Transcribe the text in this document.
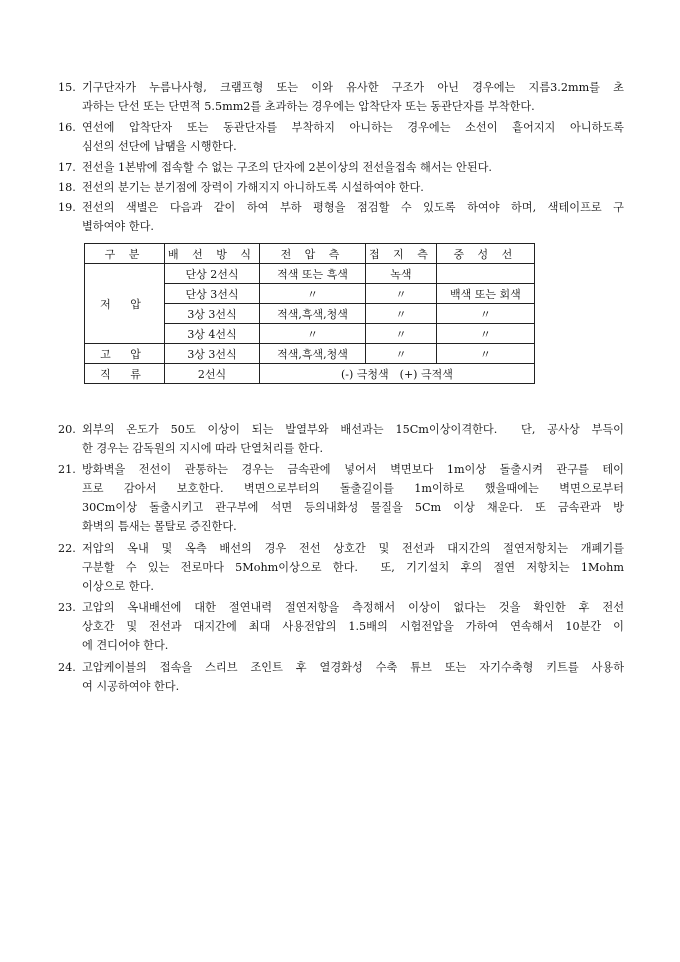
15. 기구단자가 누름나사형, 크램프형 또는 이와 유사한 구조가 아닌 경우에는 지름3.2mm를 초
과하는 단선 또는 단면적 5.5mm2를 초과하는 경우에는 압착단자 또는 동관단자를 부착한다.
16. 연선에 압착단자 또는 동관단자를 부착하지 아니하는 경우에는 소선이 흩어지지 아니하도록
심선의 선단에 납땜을 시행한다.
17. 전선을 1본밖에 접속할 수 없는 구조의 단자에 2본이상의 전선을접속 해서는 안된다.
18. 전선의 분기는 분기점에 장력이 가해지지 아니하도록 시설하여야 한다.
19. 전선의 색별은 다음과 같이 하여 부하 평형을 점검할 수 있도록 하여야 하며, 색테이프로 구
별하여야 한다.
구 분	배 선 방 식	전 압 측	접 지 측	중 성 선
저 압	단상 2선식	적색 또는 흑색	녹색	
	단상 3선식	〃	〃	백색 또는 회색
	3상 3선식	적색,흑색,청색	〃	〃
	3상 4선식	〃	〃	〃
고 압	3상 3선식	적색,흑색,청색	〃	〃
직 류	2선식	(-) 극청색　(+) 극적색		
20. 외부의 온도가 50도 이상이 되는 발열부와 배선과는 15Cm이상이격한다.  단, 공사상 부득이
한 경우는 감독원의 지시에 따라 단열처리를 한다.
21. 방화벽을 전선이 관통하는 경우는 금속관에 넣어서 벽면보다 1m이상 돌출시켜 관구를 테이
프로 감아서 보호한다. 벽면으로부터의 돌출길이를 1m이하로 했을때에는 벽면으로부터
30Cm이상 돌출시키고 관구부에 석면 등의내화성 물질을 5Cm 이상 채운다. 또 금속관과 방
화벽의 틈새는 몰탈로 증진한다.
22. 저압의 옥내 및 옥측 배선의 경우 전선 상호간 및 전선과 대지간의 절연저항치는 개폐기를
구분할 수 있는 전로마다 5Mohm이상으로 한다.  또, 기기설치 후의 절연 저항치는 1Mohm
이상으로 한다.
23. 고압의 옥내배선에 대한 절연내력 절연저항을 측정해서 이상이 없다는 것을 확인한 후 전선
상호간 및 전선과 대지간에 최대 사용전압의 1.5배의 시험전압을 가하여 연속해서 10분간 이
에 견디어야 한다.
24. 고압케이블의 접속을 스리브 조인트 후 열경화성 수축 튜브 또는 자기수축형 키트를 사용하
여 시공하여야 한다.
